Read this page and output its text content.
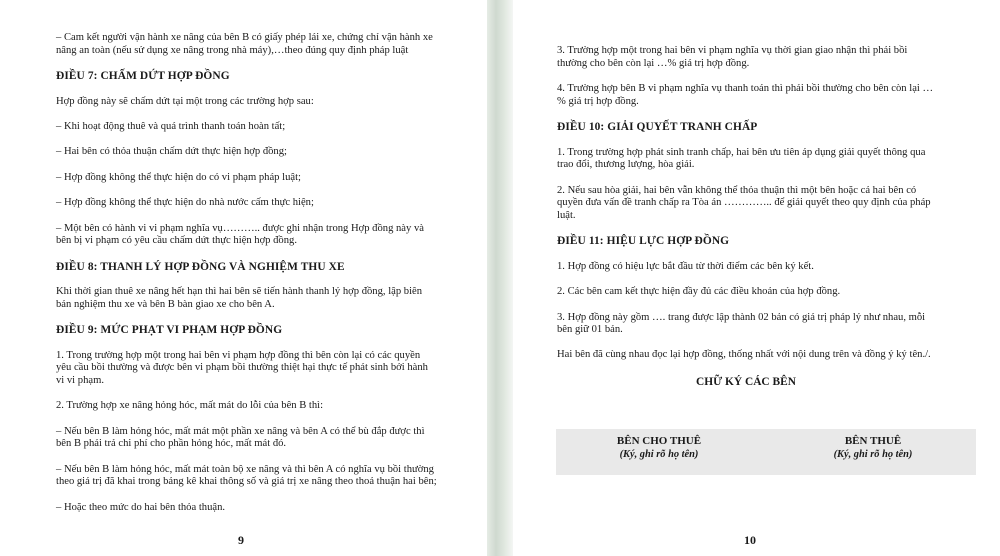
– Cam kết người vận hành xe nâng của bên B có giấy phép lái xe, chứng chỉ vận hành xe nâng an toàn (nếu sử dụng xe nâng trong nhà máy),…theo đúng quy định pháp luật

ĐIỀU 7: CHẤM DỨT HỢP ĐỒNG

Hợp đồng này sẽ chấm dứt tại một trong các trường hợp sau:

– Khi hoạt động thuê và quá trình thanh toán hoàn tất;

– Hai bên có thỏa thuận chấm dứt thực hiện hợp đồng;

– Hợp đồng không thể thực hiện do có vi phạm pháp luật;

– Hợp đồng không thể thực hiện do nhà nước cấm thực hiện;

– Một bên có hành vi vi phạm nghĩa vụ……….. được ghi nhận trong Hợp đồng này và bên bị vi phạm có yêu cầu chấm dứt thực hiện hợp đồng.

ĐIỀU 8: THANH LÝ HỢP ĐỒNG VÀ NGHIỆM THU XE

Khi thời gian thuê xe nâng hết hạn thì hai bên sẽ tiến hành thanh lý hợp đồng, lập biên bản nghiệm thu xe và bên B bàn giao xe cho bên A.

ĐIỀU 9: MỨC PHẠT VI PHẠM HỢP ĐỒNG

1. Trong trường hợp một trong hai bên vi phạm hợp đồng thì bên còn lại có các quyền yêu cầu bồi thường và được bên vi phạm bồi thường thiệt hại thực tế phát sinh bởi hành vi vi phạm.

2. Trường hợp xe nâng hỏng hóc, mất mát do lỗi của bên B thì:

– Nếu bên B làm hỏng hóc, mất mát một phần xe nâng và bên A có thể bù đắp được thì bên B phải trả chi phí cho phần hỏng hóc, mất mát đó.

– Nếu bên B làm hỏng hóc, mất mát toàn bộ xe nâng và thì bên A có nghĩa vụ bồi thường theo giá trị đã khai trong bảng kê khai thông số và giá trị xe nâng theo thoả thuận hai bên;

– Hoặc theo mức do hai bên thỏa thuận.

9

3. Trường hợp một trong hai bên vi phạm nghĩa vụ thời gian giao nhận thì phải bồi thường cho bên còn lại …% giá trị hợp đồng.

4. Trường hợp bên B vi phạm nghĩa vụ thanh toán thì phải bồi thường cho bên còn lại …% giá trị hợp đồng.

ĐIỀU 10: GIẢI QUYẾT TRANH CHẤP

1. Trong trường hợp phát sinh tranh chấp, hai bên ưu tiên áp dụng giải quyết thông qua trao đổi, thương lượng, hòa giải.

2. Nếu sau hòa giải, hai bên vẫn không thể thỏa thuận thì một bên hoặc cả hai bên có quyền đưa vấn đề tranh chấp ra Tòa án ………….. để giải quyết theo quy định của pháp luật.

ĐIỀU 11: HIỆU LỰC HỢP ĐỒNG

1. Hợp đồng có hiệu lực bắt đầu từ thời điểm các bên ký kết.

2. Các bên cam kết thực hiện đầy đủ các điều khoản của hợp đồng.

3. Hợp đồng này gồm …. trang được lập thành 02 bản có giá trị pháp lý như nhau, mỗi bên giữ 01 bản.

Hai bên đã cùng nhau đọc lại hợp đồng, thống nhất với nội dung trên và đồng ý ký tên./.

CHỮ KÝ CÁC BÊN
BÊN CHO THUÊ
(Ký, ghi rõ họ tên)
BÊN THUÊ
(Ký, ghi rõ họ tên)
10
